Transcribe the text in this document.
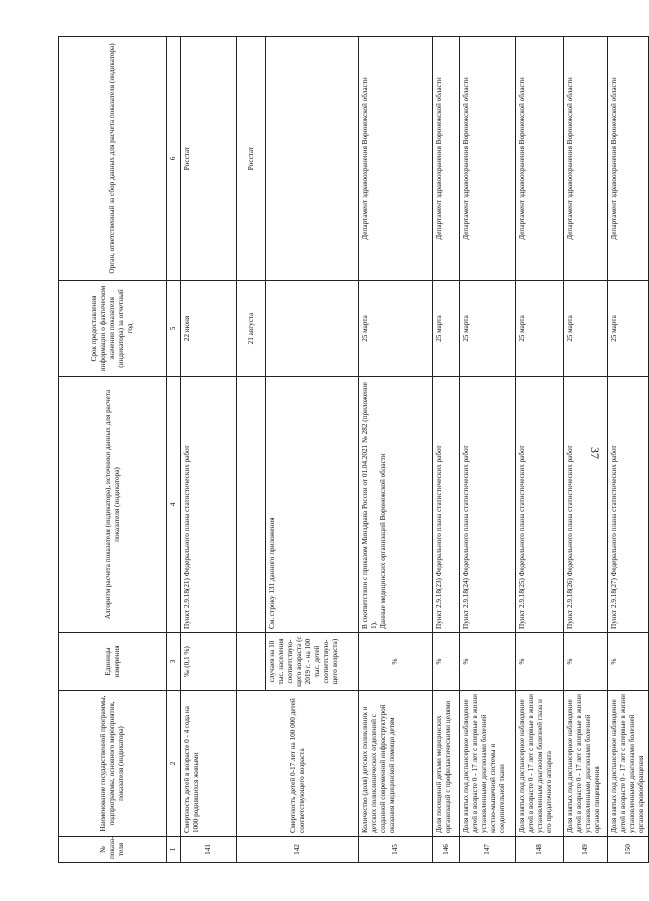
37
№ показа-теля	Наименование государственной программы, подпрограммы, основного мероприятия, показателя (индикатора)	Единицы измерения	Алгоритм расчета показателя (индикатора), источники данных для расчета показателя (индикатора)	Срок предоставления информации о фактическом значении показателя (индикатора) за отчетный год	Орган, ответственный за сбор данных для расчета показателя (индикатора)
1	2	3	4	5	6
141	Смертность детей в возрасте 0 - 4 года на 1000 родившихся живыми	‰ (0,1 %)	Пункт 2.9.18(21) Федерального плана статистических работ	22 июня	Росстат
142	Смертность детей 0-17 лет на 100 000 детей соответствующего возраста	случаев на 10 тыс. населения соответствую-щего возраста (с 2019 г. - на 100 тыс. детей соответствую-щего возраста)	См. строку 131 данного приложения	21 августа	Росстат

145	Количество (доля) детских поликлиник и детских поликлинических отделений с созданной современной инфраструктурой оказания медицинской помощи детям	%	В соответствии с приказом Минздрава России от 01.04.2021 № 282 (приложение 1). Данные медицинских организаций Воронежской области	25 марта	Департамент здравоохранения Воронежской области
146	Доля посещений детьми медицинских организаций с профилактическими целями	%	Пункт 2.9.18(23) Федерального плана статистических работ	25 марта	Департамент здравоохранения Воронежской области
147	Доля взятых под диспансерное наблюдение детей в возрасте 0 - 17 лет с впервые в жизни установленными диагнозами болезней костно-мышечной системы и соединительной ткани	%	Пункт 2.9.18(24) Федерального плана статистических работ	25 марта	Департамент здравоохранения Воронежской области
148	Доля взятых под диспансерное наблюдение детей в возрасте 0 - 17 лет с впервые в жизни установленным диагнозом болезней глаза и его придаточного аппарата	%	Пункт 2.9.18(25) Федерального плана статистических работ	25 марта	Департамент здравоохранения Воронежской области
149	Доля взятых под диспансерное наблюдение детей в возрасте 0 - 17 лет с впервые в жизни установленными диагнозами болезней органов пищеварения	%	Пункт 2.9.18(26) Федерального плана статистических работ	25 марта	Департамент здравоохранения Воронежской области
150	Доля взятых под диспансерное наблюдение детей в возрасте 0 - 17 лет с впервые в жизни установленными диагнозами болезней органов кровообращения	%	Пункт 2.9.18(27) Федерального плана статистических работ	25 марта	Департамент здравоохранения Воронежской области
